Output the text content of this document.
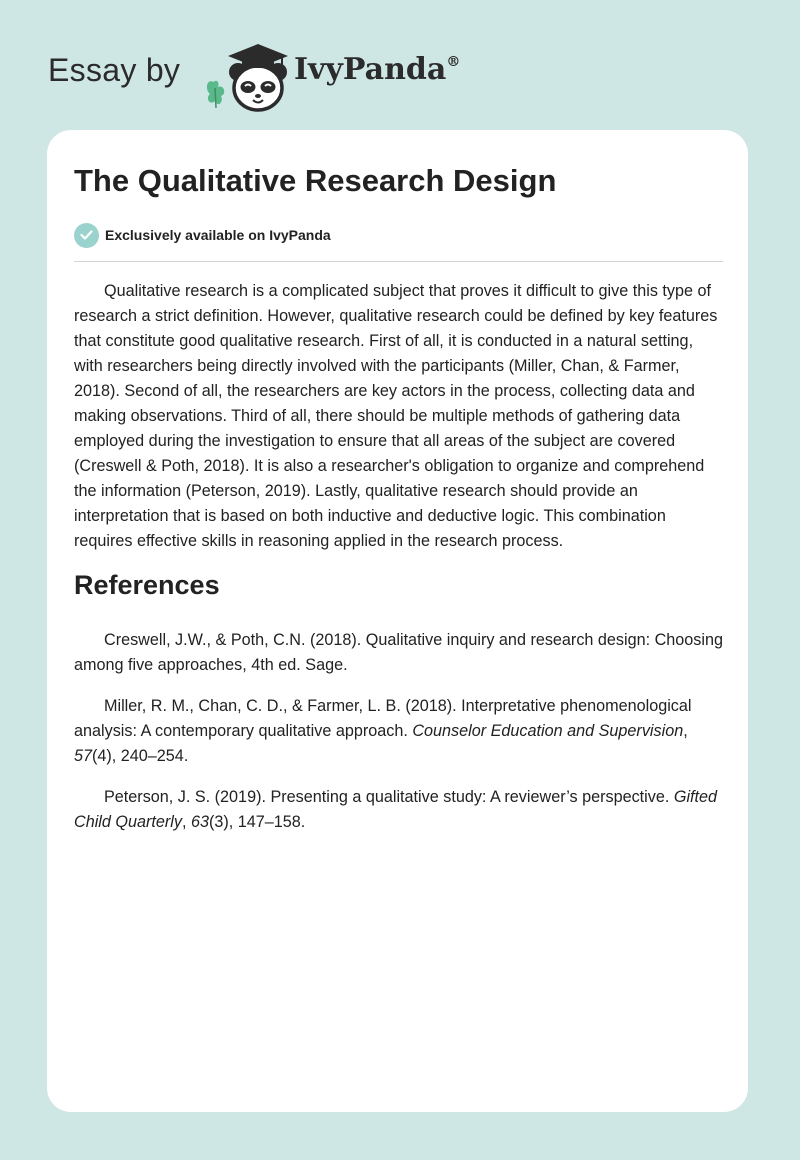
Essay by	IvyPanda®
The Qualitative Research Design
Exclusively available on IvyPanda

Qualitative research is a complicated subject that proves it difficult to give this type of research a strict definition. However, qualitative research could be defined by key features that constitute good qualitative research. First of all, it is conducted in a natural setting, with researchers being directly involved with the participants (Miller, Chan, & Farmer, 2018). Second of all, the researchers are key actors in the process, collecting data and making observations. Third of all, there should be multiple methods of gathering data employed during the investigation to ensure that all areas of the subject are covered (Creswell & Poth, 2018). It is also a researcher's obligation to organize and comprehend the information (Peterson, 2019). Lastly, qualitative research should provide an interpretation that is based on both inductive and deductive logic. This combination requires effective skills in reasoning applied in the research process.

References

Creswell, J.W., & Poth, C.N. (2018). Qualitative inquiry and research design: Choosing among five approaches, 4th ed. Sage.

Miller, R. M., Chan, C. D., & Farmer, L. B. (2018). Interpretative phenomenological analysis: A contemporary qualitative approach. Counselor Education and Supervision, 57(4), 240–254.

Peterson, J. S. (2019). Presenting a qualitative study: A reviewer’s perspective. Gifted Child Quarterly, 63(3), 147–158.
